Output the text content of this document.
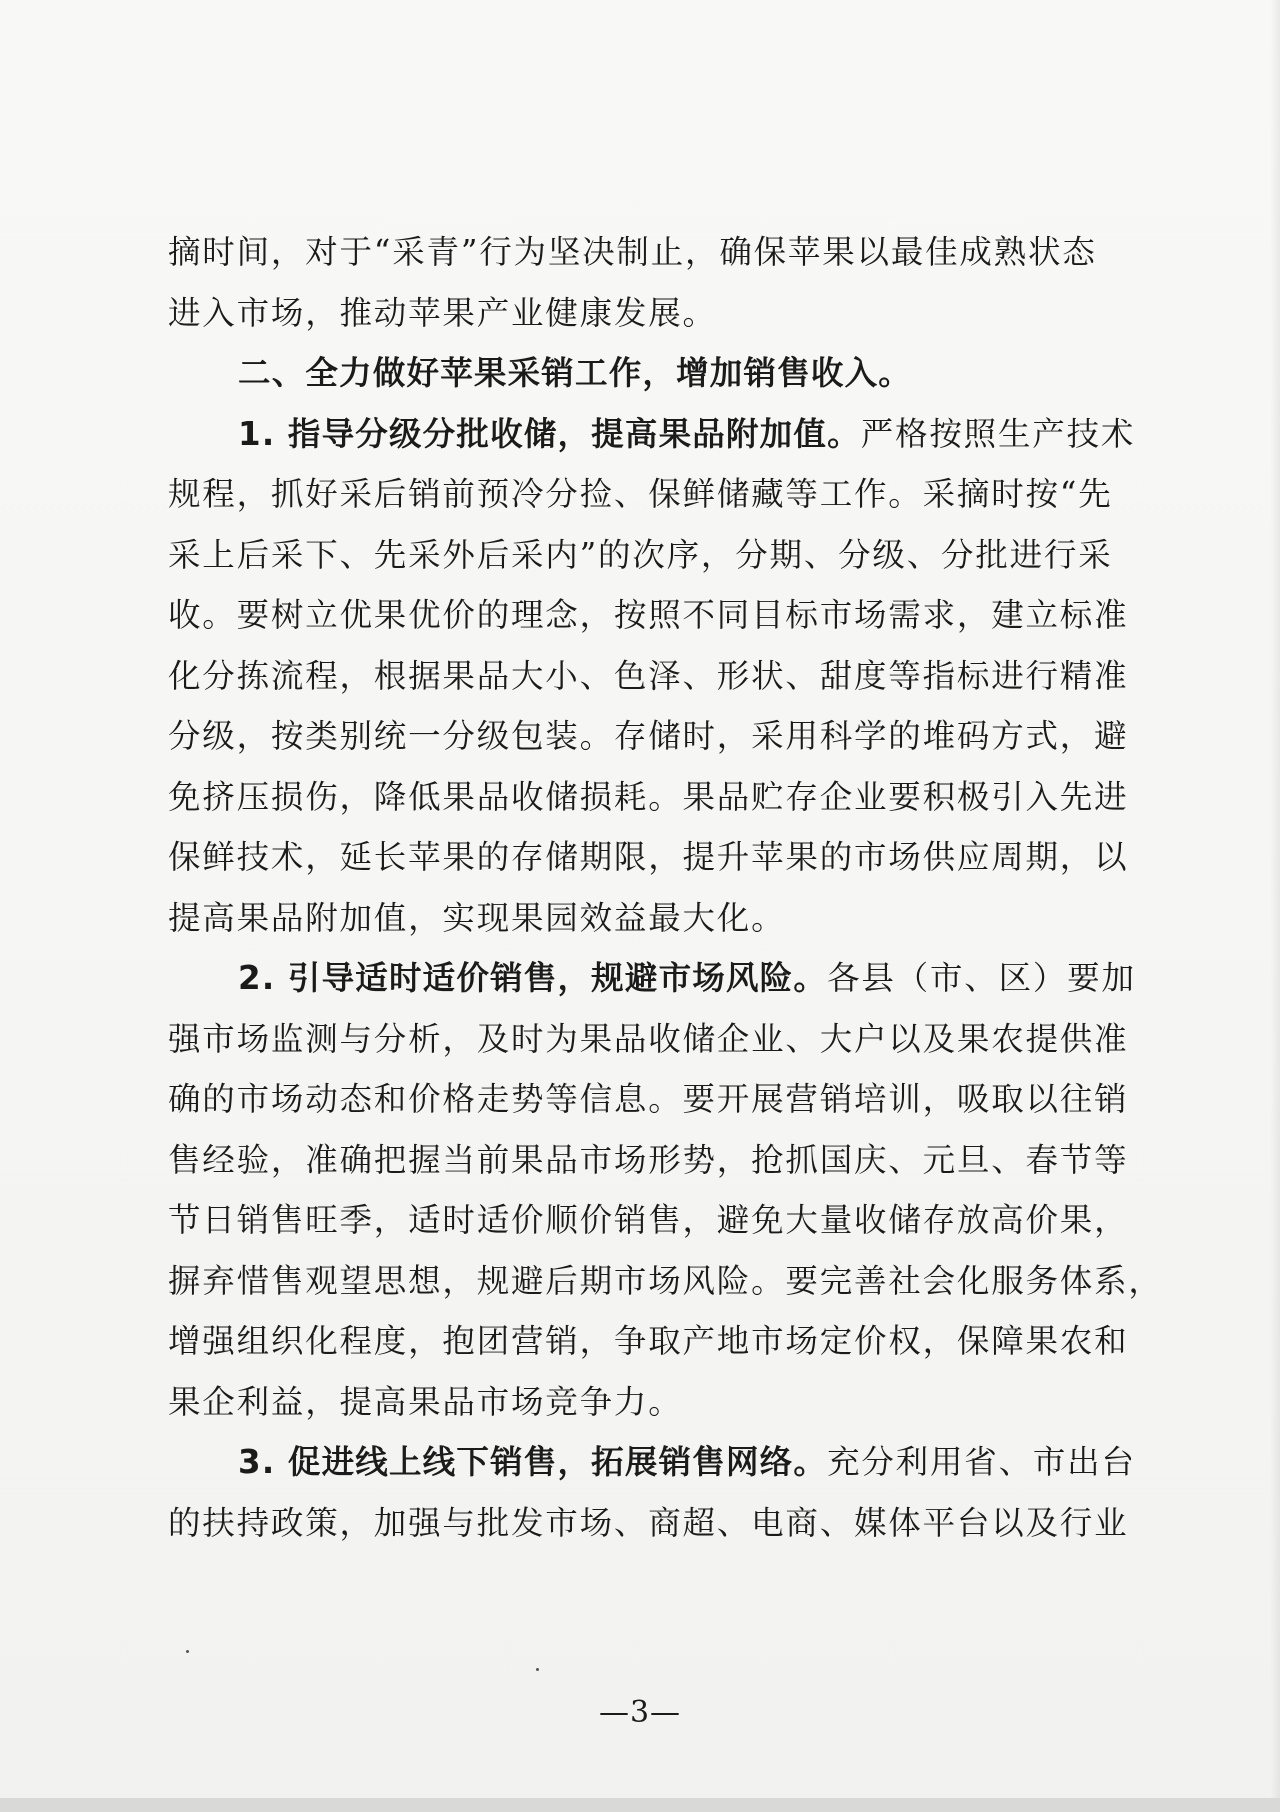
摘时间，对于“采青”行为坚决制止，确保苹果以最佳成熟状态
进入市场，推动苹果产业健康发展。
二、全力做好苹果采销工作，增加销售收入。
1. 指导分级分批收储，提高果品附加值。严格按照生产技术
规程，抓好采后销前预冷分捡、保鲜储藏等工作。采摘时按“先
采上后采下、先采外后采内”的次序，分期、分级、分批进行采
收。要树立优果优价的理念，按照不同目标市场需求，建立标准
化分拣流程，根据果品大小、色泽、形状、甜度等指标进行精准
分级，按类别统一分级包装。存储时，采用科学的堆码方式，避
免挤压损伤，降低果品收储损耗。果品贮存企业要积极引入先进
保鲜技术，延长苹果的存储期限，提升苹果的市场供应周期，以
提高果品附加值，实现果园效益最大化。
2. 引导适时适价销售，规避市场风险。各县（市、区）要加
强市场监测与分析，及时为果品收储企业、大户以及果农提供准
确的市场动态和价格走势等信息。要开展营销培训，吸取以往销
售经验，准确把握当前果品市场形势，抢抓国庆、元旦、春节等
节日销售旺季，适时适价顺价销售，避免大量收储存放高价果，
摒弃惜售观望思想，规避后期市场风险。要完善社会化服务体系，
增强组织化程度，抱团营销，争取产地市场定价权，保障果农和
果企利益，提高果品市场竞争力。
3. 促进线上线下销售，拓展销售网络。充分利用省、市出台
的扶持政策，加强与批发市场、商超、电商、媒体平台以及行业
—3—
